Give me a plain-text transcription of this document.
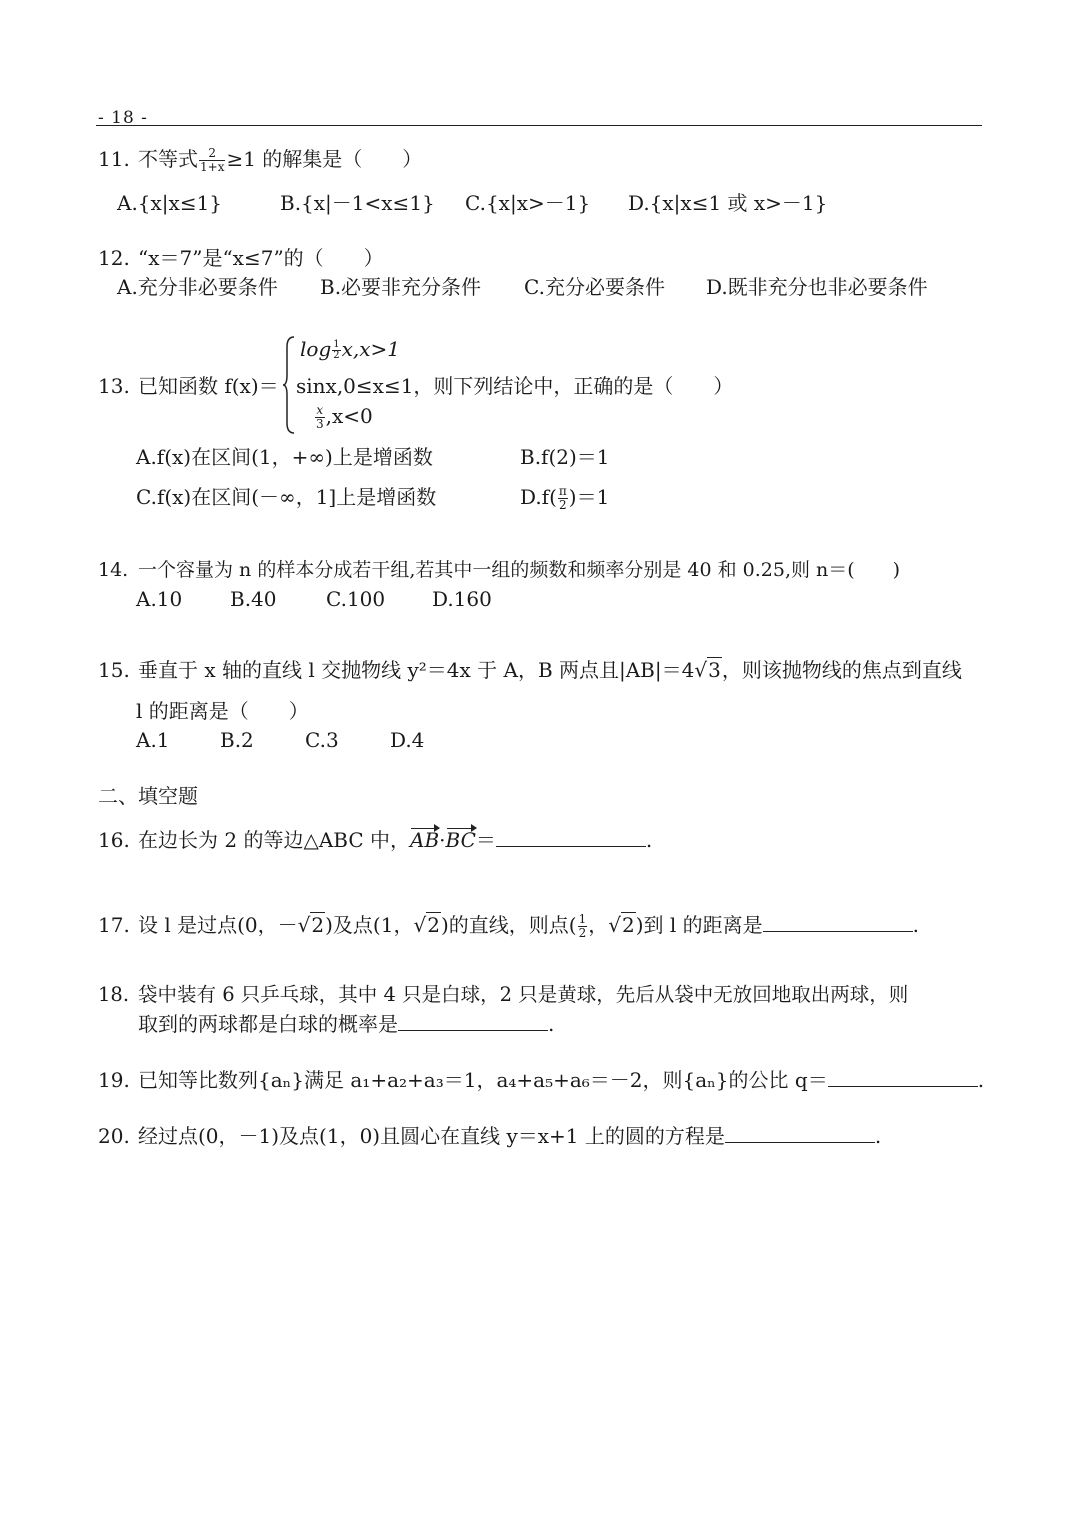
- 18 -
11. 不等式 $\frac{2}{1+x} \ge 1$ 的解集是（　　）
A.{x|x≤1}	B.{x|－1<x≤1} C.{x|x>－1} D.{x|x≤1 或 x>－1}
12. “x＝7”是“x≤7”的（　　）
A.充分非必要条件 B.必要非充分条件 C.充分必要条件 D.既非充分也非必要条件
13. 已知函数 f(x)＝
$\log \frac{1}{2} x,x>1$
sinx,0≤x≤1，则下列结论中，正确的是（　　）
$\frac{x}{3} ,x<0$
A.f(x)在区间(1，+∞)上是增函数	B.f(2)＝1
C.f(x)在区间(－∞，1]上是增函数	$D.f( \frac{\pi}{2} )=1$
14. 一个容量为 n 的样本分成若干组,若其中一组的频数和频率分别是 40 和 0.25,则 n＝(　　)
A.10 B.40 C.100 D.160
15. 垂直于 x 轴的直线 l 交抛物线 y²＝4x 于 A，B 两点且|AB|＝4√3，则该抛物线的焦点到直线
l 的距离是（　　）
A.1	B.2	C.3	D.4
二、填空题
16. 在边长为 2 的等边△ABC 中，AB·BC＝	.
17. 设 l 是过点(0，－√2)及点(1，√2)的直线，则点( $\frac{1}{2}$ ，√2)到 l 的距离是	.
18. 袋中装有 6 只乒乓球，其中 4 只是白球，2 只是黄球，先后从袋中无放回地取出两球，则
取到的两球都是白球的概率是	.
19. 已知等比数列{aₙ}满足 a₁+a₂+a₃＝1，a₄+a₅+a₆＝－2，则{aₙ}的公比 q＝	.
20. 经过点(0，－1)及点(1，0)且圆心在直线 y＝x+1 上的圆的方程是	.
